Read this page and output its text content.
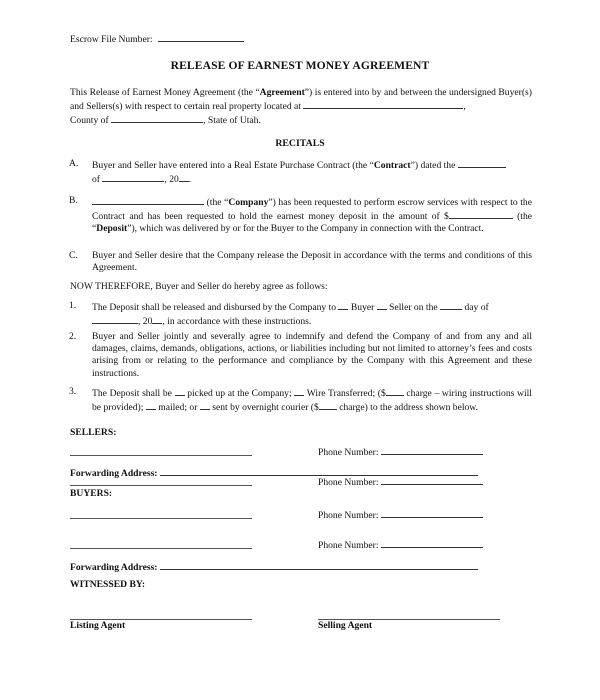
Escrow File Number:
RELEASE OF EARNEST MONEY AGREEMENT
This Release of Earnest Money Agreement (the “Agreement”) is entered into by and between the undersigned Buyer(s) and Sellers(s) with respect to certain real property located at	,
County of	, State of Utah.
RECITALS
A. Buyer and Seller have entered into a Real Estate Purchase Contract (the “Contract”) dated the
of	, 20 .
B.	(the “Company”) has been requested to perform escrow services with respect to the Contract and has been requested to hold the earnest money deposit in the amount of $	(the “Deposit”), which was delivered by or for the Buyer to the Company in connection with the Contract.
C. Buyer and Seller desire that the Company release the Deposit in accordance with the terms and conditions of this Agreement.
NOW THEREFORE, Buyer and Seller do hereby agree as follows:
1. The Deposit shall be released and disbursed by the Company to Buyer Seller on the	day of
, 20 , in accordance with these instructions.
2. Buyer and Seller jointly and severally agree to indemnify and defend the Company of and from any and all damages, claims, demands, obligations, actions, or liabilities including but not limited to attorney’s fees and costs arising from or relating to the performance and compliance by the Company with this Agreement and these instructions.
3. The Deposit shall be picked up at the Company; Wire Transferred; ($ charge – wiring instructions will be provided); mailed; or sent by overnight courier ($ charge) to the address shown below.
SELLERS:
Phone Number:
Phone Number:
Forwarding Address:
BUYERS:
Phone Number:
Phone Number:
Forwarding Address:
WITNESSED BY:
Listing Agent	Selling Agent
